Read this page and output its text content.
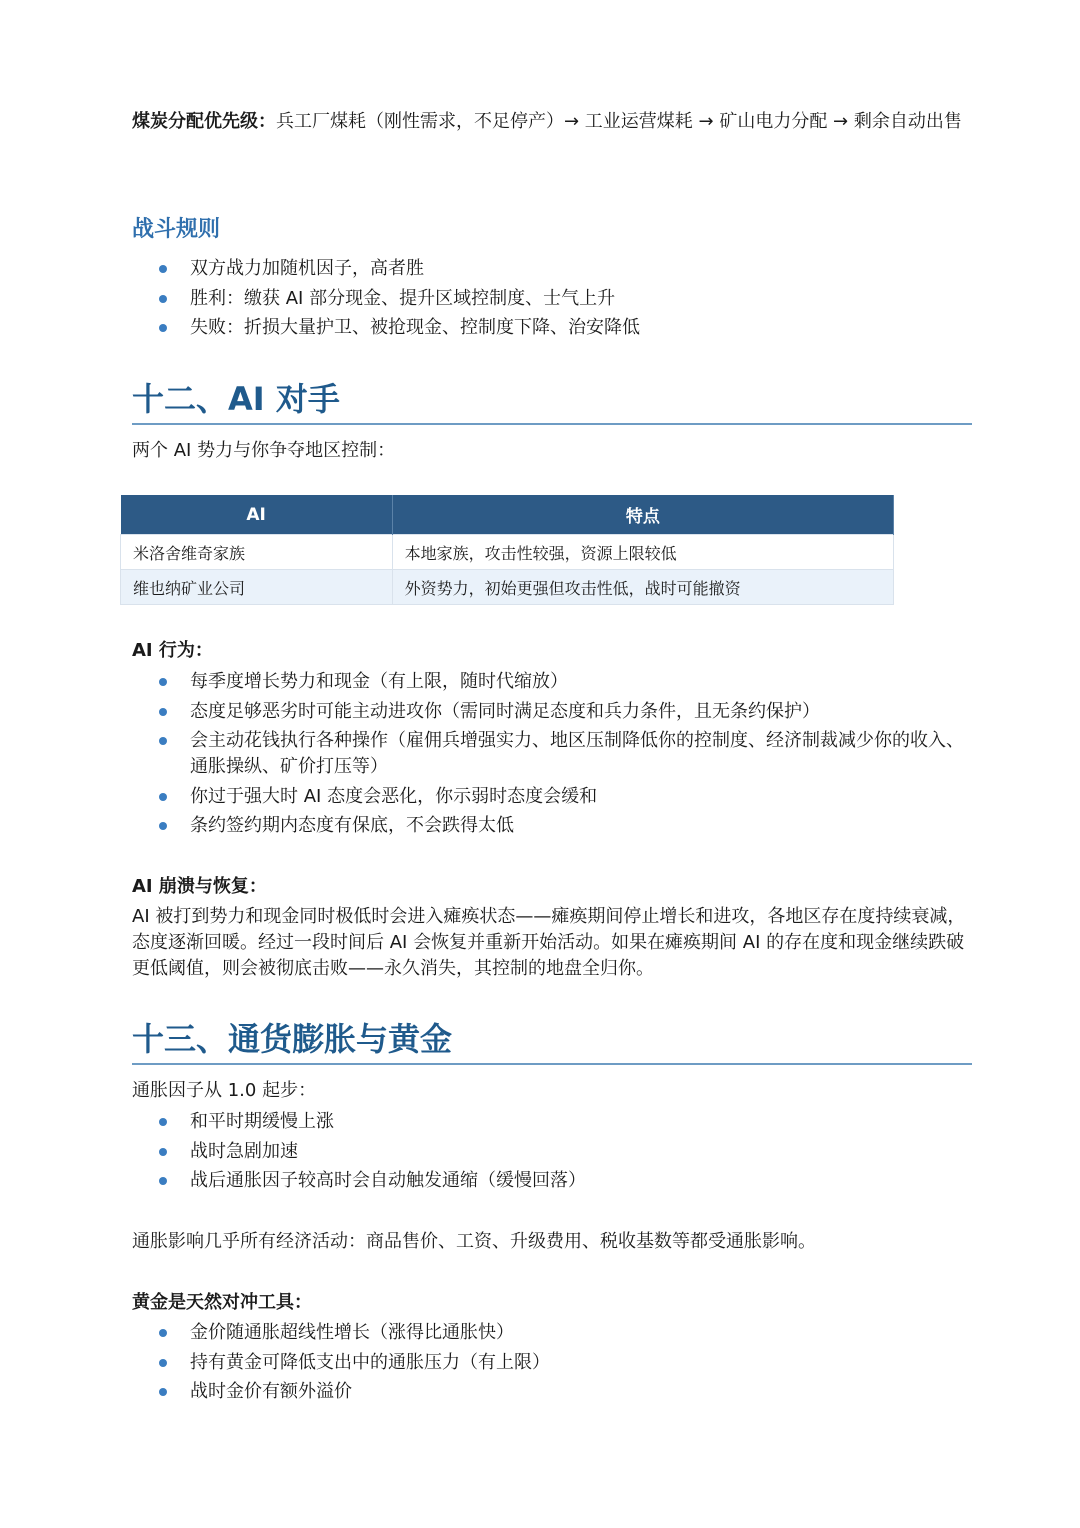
煤炭分配优先级：兵工厂煤耗（刚性需求，不足停产）→ 工业运营煤耗 → 矿山电力分配 → 剩余自动出售

战斗规则
双方战力加随机因子，高者胜
胜利：缴获 AI 部分现金、提升区域控制度、士气上升
失败：折损大量护卫、被抢现金、控制度下降、治安降低
十二、AI 对手

两个 AI 势力与你争夺地区控制：

AI	特点
米洛舍维奇家族	本地家族，攻击性较强，资源上限较低
维也纳矿业公司	外资势力，初始更强但攻击性低，战时可能撤资

AI 行为：

每季度增长势力和现金（有上限，随时代缩放）
态度足够恶劣时可能主动进攻你（需同时满足态度和兵力条件，且无条约保护）
会主动花钱执行各种操作（雇佣兵增强实力、地区压制降低你的控制度、经济制裁减少你的收入、通胀操纵、矿价打压等）
你过于强大时 AI 态度会恶化，你示弱时态度会缓和
条约签约期内态度有保底，不会跌得太低

AI 崩溃与恢复：

AI 被打到势力和现金同时极低时会进入瘫痪状态——瘫痪期间停止增长和进攻，各地区存在度持续衰减，态度逐渐回暖。经过一段时间后 AI 会恢复并重新开始活动。如果在瘫痪期间 AI 的存在度和现金继续跌破更低阈值，则会被彻底击败——永久消失，其控制的地盘全归你。

十三、通货膨胀与黄金

通胀因子从 1.0 起步：

和平时期缓慢上涨
战时急剧加速
战后通胀因子较高时会自动触发通缩（缓慢回落）

通胀影响几乎所有经济活动：商品售价、工资、升级费用、税收基数等都受通胀影响。

黄金是天然对冲工具：

金价随通胀超线性增长（涨得比通胀快）
持有黄金可降低支出中的通胀压力（有上限）
战时金价有额外溢价
